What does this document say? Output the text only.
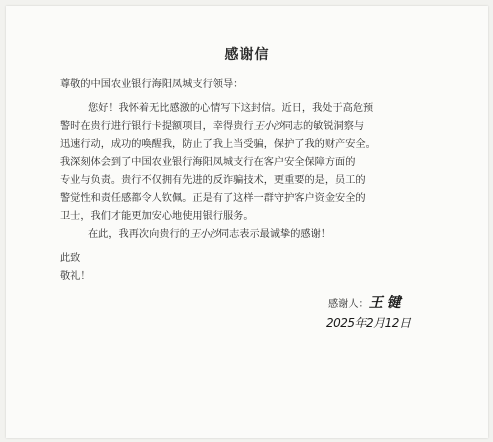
感谢信
尊敬的中国农业银行海阳凤城支行领导：
您好！我怀着无比感激的心情写下这封信。近日，我处于高危预
警时在贵行进行银行卡提额项目，幸得贵行王小沙同志的敏锐洞察与
迅速行动，成功的唤醒我，防止了我上当受骗，保护了我的财产安全。
我深刻体会到了中国农业银行海阳凤城支行在客户安全保障方面的
专业与负责。贵行不仅拥有先进的反诈骗技术，更重要的是，员工的
警觉性和责任感都令人钦佩。正是有了这样一群守护客户资金安全的
卫士，我们才能更加安心地使用银行服务。
在此，我再次向贵行的王小沙同志表示最诚挚的感谢！
此致
敬礼！
感谢人：王 键
2025年2月12日
